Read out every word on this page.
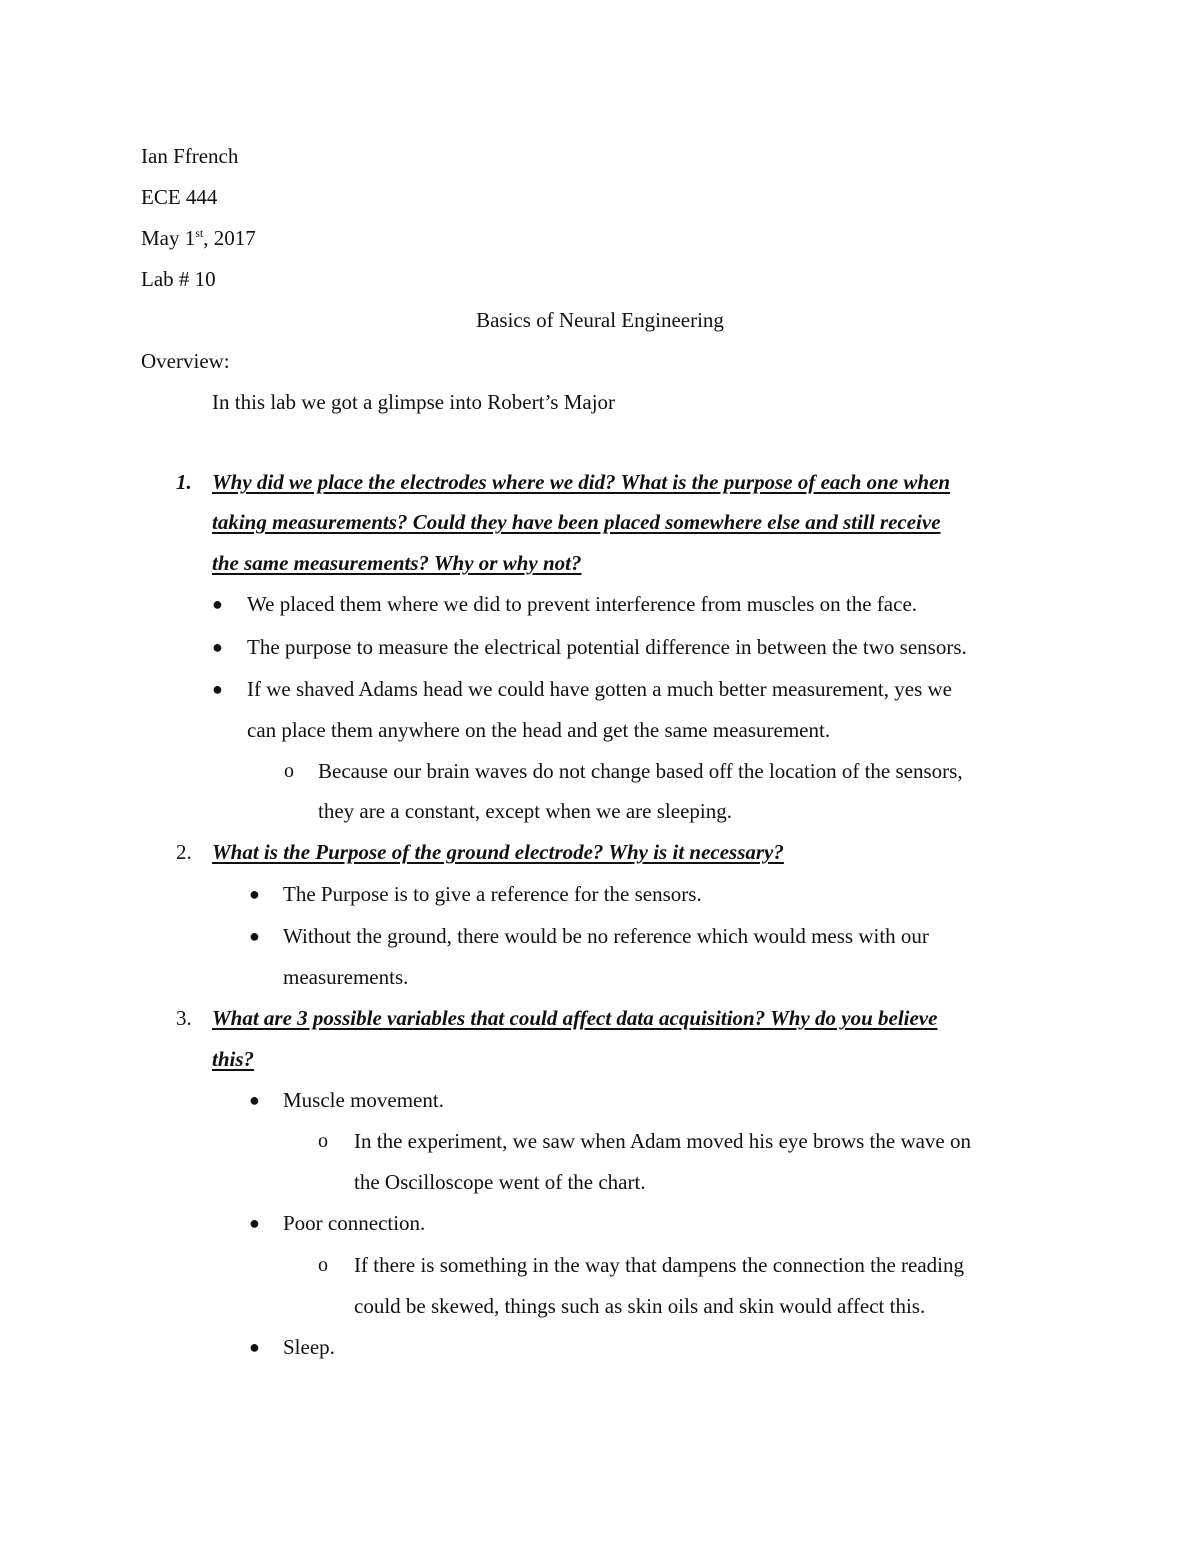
Ian Ffrench
ECE 444
May 1st, 2017
Lab # 10
Basics of Neural Engineering
Overview:
In this lab we got a glimpse into Robert’s Major
1. Why did we place the electrodes where we did? What is the purpose of each one when
taking measurements? Could they have been placed somewhere else and still receive
the same measurements? Why or why not?
● We placed them where we did to prevent interference from muscles on the face.
● The purpose to measure the electrical potential difference in between the two sensors.
● If we shaved Adams head we could have gotten a much better measurement, yes we
can place them anywhere on the head and get the same measurement.
o Because our brain waves do not change based off the location of the sensors,
they are a constant, except when we are sleeping.
2. What is the Purpose of the ground electrode? Why is it necessary?
● The Purpose is to give a reference for the sensors.
● Without the ground, there would be no reference which would mess with our
measurements.
3. What are 3 possible variables that could affect data acquisition? Why do you believe
this?
● Muscle movement.
o In the experiment, we saw when Adam moved his eye brows the wave on
the Oscilloscope went of the chart.
● Poor connection.
o If there is something in the way that dampens the connection the reading
could be skewed, things such as skin oils and skin would affect this.
● Sleep.
